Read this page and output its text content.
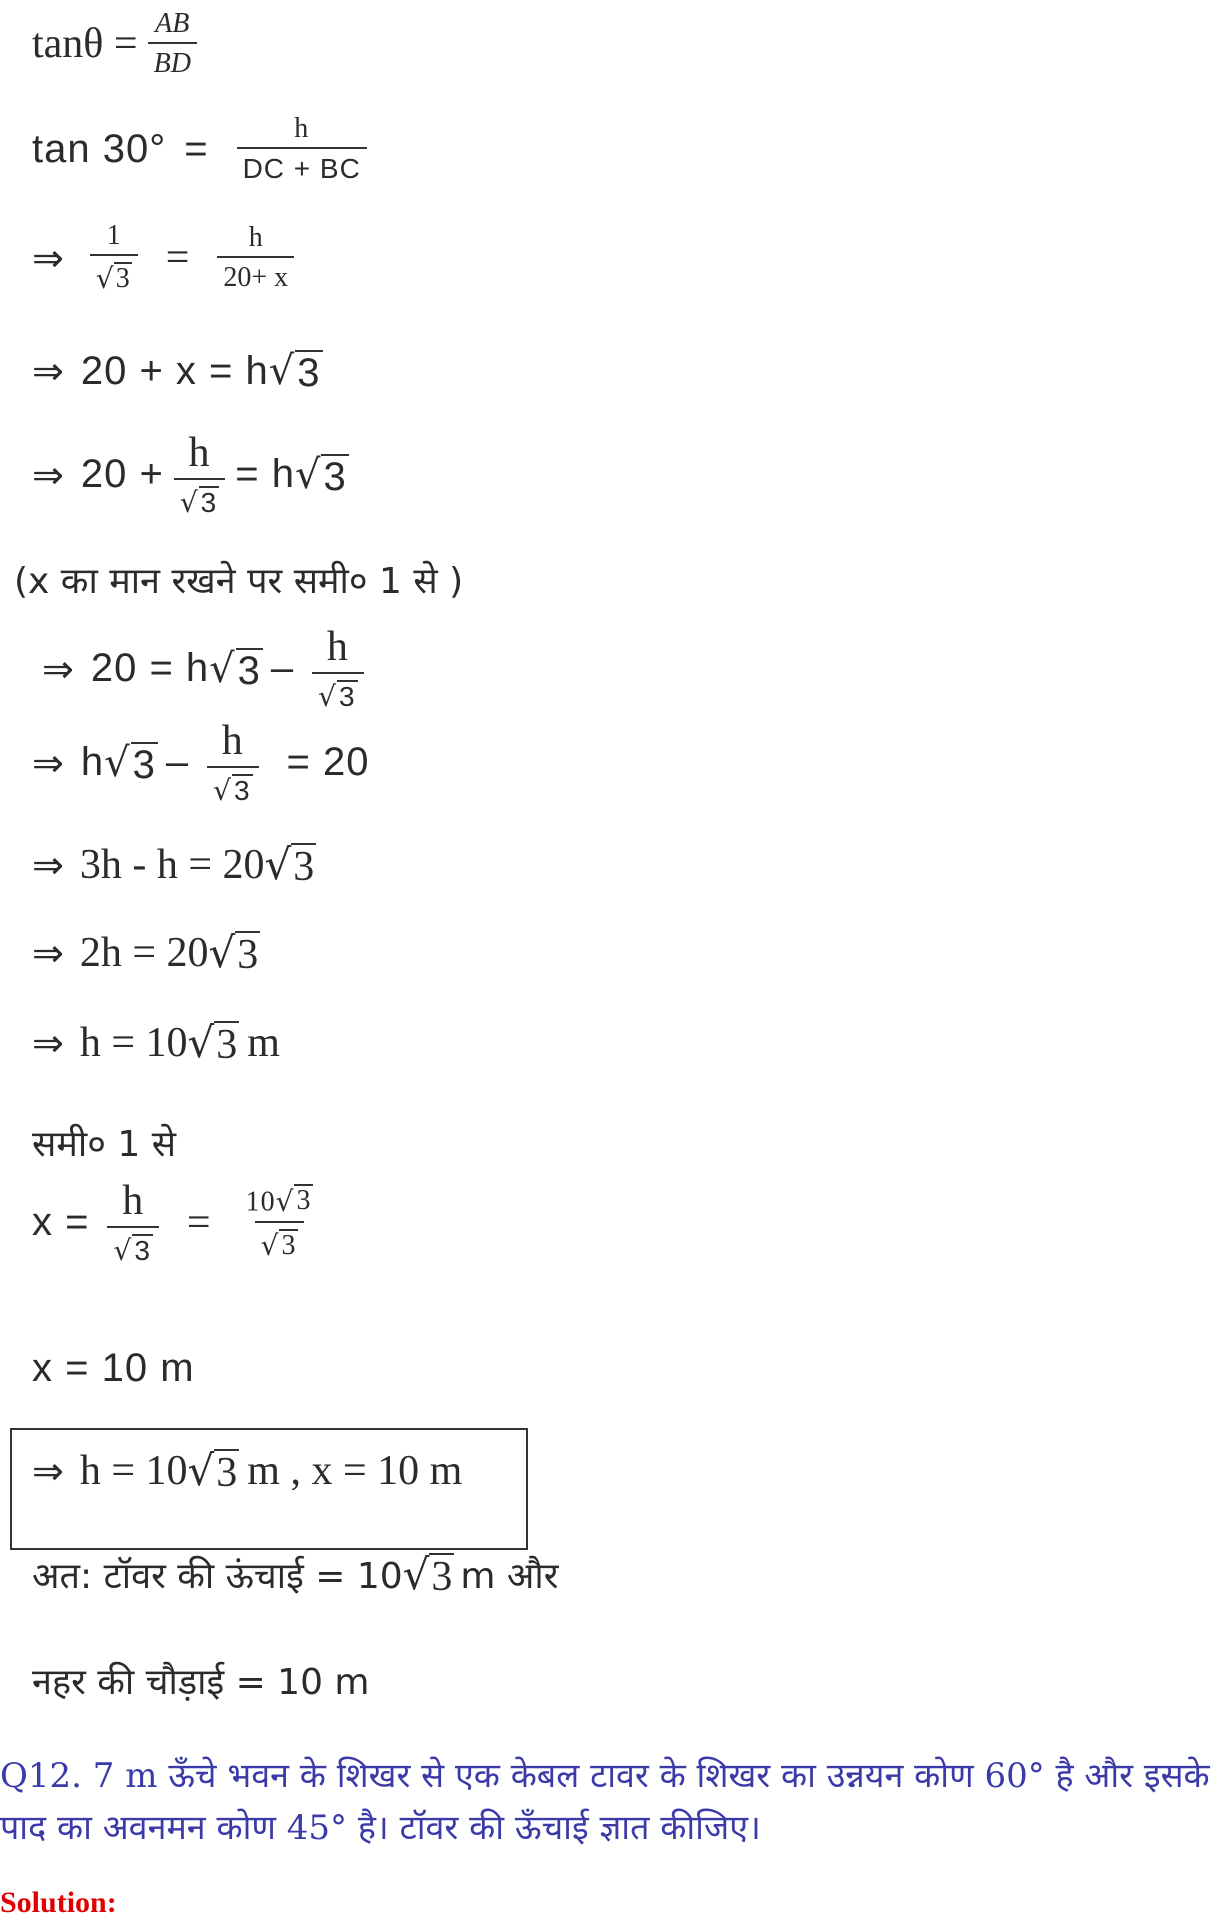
$\tan\theta = \frac{AB}{BD}$
$\tan 30^\circ = \frac{h}{DC + BC}$
⇒ $\frac{1}{√ 3} = \frac{h}{20+ x}$
⇒ 20 + x = h √ 3
⇒ $20 + \frac{h}{√ 3} = h$ √ 3
(x का मान रखने पर समी० 1 से )
⇒ 20 = h √ $3 - \frac{h}{√ 3}$
⇒ h √ $3 - \frac{h}{√ 3} = 20$
⇒ 3h - h = 20 √ 3
⇒ 2h = 20 √ 3
⇒ h = 10 √ 3 m
समी० 1 से
$x = \frac{h}{√ 3} = \frac{10 √ 3}{√ 3}$
x = 10 m
⇒ h = 10 √ 3 m , x = 10 m
अत: टॉवर की ऊंचाई = 10 √ 3 m और
नहर की चौड़ाई = 10 m
Q12. 7 m ऊँचे भवन के शिखर से एक केबल टावर के शिखर का उन्नयन कोण 60° है और इसके पाद का अवनमन कोण 45° है। टॉवर की ऊँचाई ज्ञात कीजिए।
Solution:
